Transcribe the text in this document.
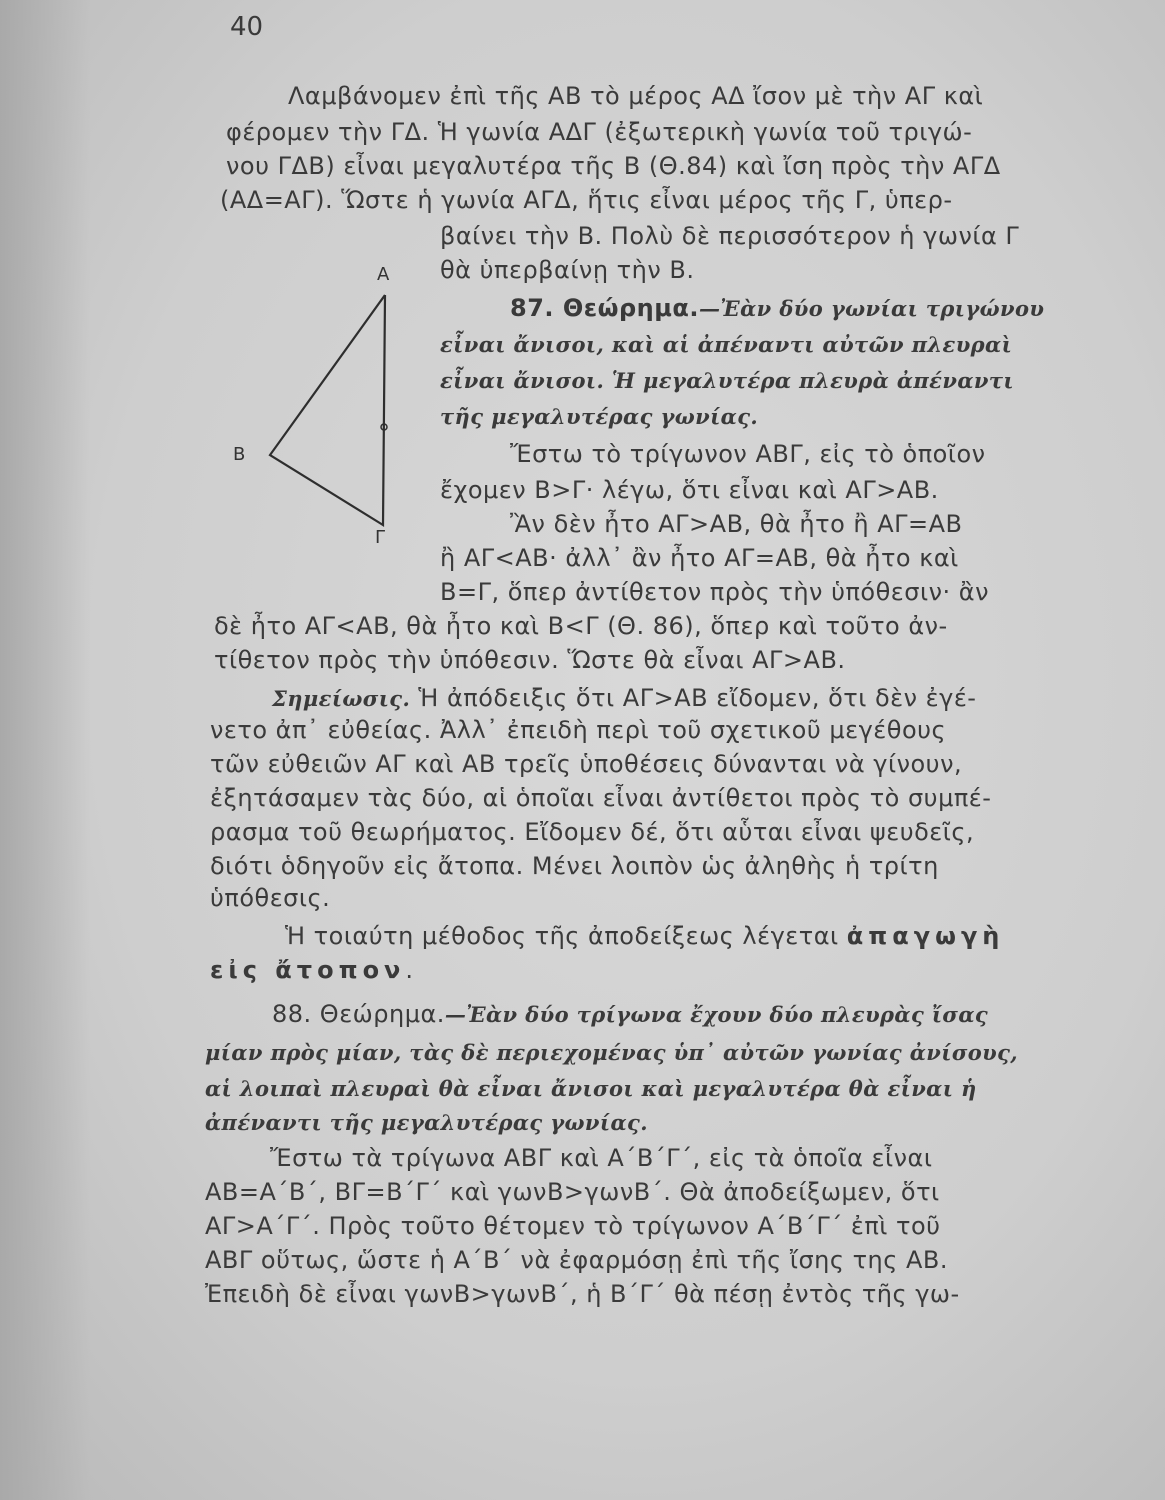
40
Λαμβάνομεν ἐπὶ τῆς ΑΒ τὸ μέρος ΑΔ ἴσον μὲ τὴν ΑΓ καὶ
φέρομεν τὴν ΓΔ. Ἡ γωνία ΑΔΓ (ἐξωτερικὴ γωνία τοῦ τριγώ-
νου ΓΔΒ) εἶναι μεγαλυτέρα τῆς Β (Θ.84) καὶ ἴση πρὸς τὴν ΑΓΔ
(ΑΔ=ΑΓ). Ὥστε ἡ γωνία ΑΓΔ, ἥτις εἶναι μέρος τῆς Γ, ὑπερ-
βαίνει τὴν Β. Πολὺ δὲ περισσότερον ἡ γωνία Γ
θὰ ὑπερβαίνῃ τὴν Β.
A
B
Γ
87. Θεώρημα.—Ἐὰν δύο γωνίαι τριγώνου
εἶναι ἄνισοι, καὶ αἱ ἀπέναντι αὐτῶν πλευραὶ
εἶναι ἄνισοι. Ἡ μεγαλυτέρα πλευρὰ ἀπέναντι
τῆς μεγαλυτέρας γωνίας.
Ἔστω τὸ τρίγωνον ΑΒΓ, εἰς τὸ ὁποῖον
ἔχομεν Β>Γ· λέγω, ὅτι εἶναι καὶ ΑΓ>ΑΒ.
Ἂν δὲν ἦτο ΑΓ>ΑΒ, θὰ ἦτο ἢ ΑΓ=ΑΒ
ἢ ΑΓ<ΑΒ· ἀλλ᾽ ἂν ἦτο ΑΓ=ΑΒ, θὰ ἦτο καὶ
Β=Γ, ὅπερ ἀντίθετον πρὸς τὴν ὑπόθεσιν· ἂν
δὲ ἦτο ΑΓ<ΑΒ, θὰ ἦτο καὶ Β<Γ (Θ. 86), ὅπερ καὶ τοῦτο ἀν-
τίθετον πρὸς τὴν ὑπόθεσιν. Ὥστε θὰ εἶναι ΑΓ>ΑΒ.
Σημείωσις. Ἡ ἀπόδειξις ὅτι ΑΓ>ΑΒ εἴδομεν, ὅτι δὲν ἐγέ-
νετο ἀπ᾽ εὐθείας. Ἀλλ᾽ ἐπειδὴ περὶ τοῦ σχετικοῦ μεγέθους
τῶν εὐθειῶν ΑΓ καὶ ΑΒ τρεῖς ὑποθέσεις δύνανται νὰ γίνουν,
ἐξητάσαμεν τὰς δύο, αἱ ὁποῖαι εἶναι ἀντίθετοι πρὸς τὸ συμπέ-
ρασμα τοῦ θεωρήματος. Εἴδομεν δέ, ὅτι αὗται εἶναι ψευδεῖς,
διότι ὁδηγοῦν εἰς ἄτοπα. Μένει λοιπὸν ὡς ἀληθὴς ἡ τρίτη
ὑπόθεσις.
Ἡ τοιαύτη μέθοδος τῆς ἀποδείξεως λέγεται ἀπαγωγὴ
εἰς ἄτοπον.
88. Θεώρημα.—Ἐὰν δύο τρίγωνα ἔχουν δύο πλευρὰς ἴσας
μίαν πρὸς μίαν, τὰς δὲ περιεχομένας ὑπ᾽ αὐτῶν γωνίας ἀνίσους,
αἱ λοιπαὶ πλευραὶ θὰ εἶναι ἄνισοι καὶ μεγαλυτέρα θὰ εἶναι ἡ
ἀπέναντι τῆς μεγαλυτέρας γωνίας.
Ἔστω τὰ τρίγωνα ΑΒΓ καὶ Α΄Β΄Γ΄, εἰς τὰ ὁποῖα εἶναι
ΑΒ=Α΄Β΄, ΒΓ=Β΄Γ΄ καὶ γωνΒ>γωνΒ΄. Θὰ ἀποδείξωμεν, ὅτι
ΑΓ>Α΄Γ΄. Πρὸς τοῦτο θέτομεν τὸ τρίγωνον Α΄Β΄Γ΄ ἐπὶ τοῦ
ΑΒΓ οὕτως, ὥστε ἡ Α΄Β΄ νὰ ἐφαρμόσῃ ἐπὶ τῆς ἴσης της ΑΒ.
Ἐπειδὴ δὲ εἶναι γωνΒ>γωνΒ΄, ἡ Β΄Γ΄ θὰ πέσῃ ἐντὸς τῆς γω-
